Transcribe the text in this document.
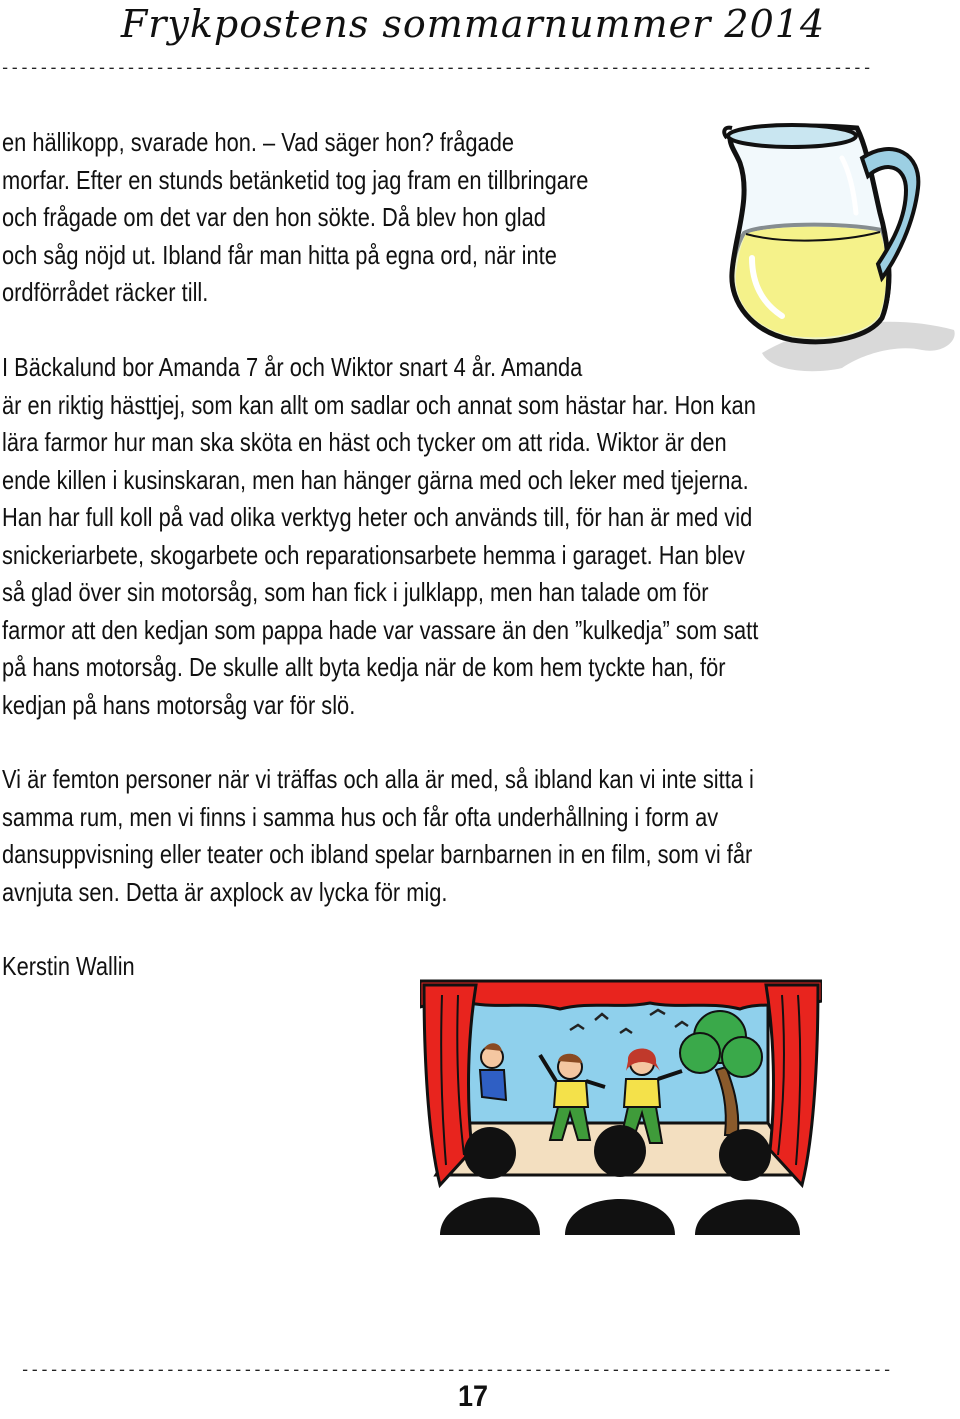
Frykpostens sommarnummer 2014
------------------------------------------------------------------------------------------
en hällikopp, svarade hon. – Vad säger hon? frågade
morfar. Efter en stunds betänketid tog jag fram en tillbringare
och frågade om det var den hon sökte. Då blev hon glad
och såg nöjd ut. Ibland får man hitta på egna ord, när inte
ordförrådet räcker till.
I Bäckalund bor Amanda 7 år och Wiktor snart 4 år. Amanda
är en riktig hästtjej, som kan allt om sadlar och annat som hästar har. Hon kan
lära farmor hur man ska sköta en häst och tycker om att rida. Wiktor är den
ende killen i kusinskaran, men han hänger gärna med och leker med tjejerna.
Han har full koll på vad olika verktyg heter och används till, för han är med vid
snickeriarbete, skogarbete och reparationsarbete hemma i garaget. Han blev
så glad över sin motorsåg, som han fick i julklapp, men han talade om för
farmor att den kedjan som pappa hade var vassare än den ”kulkedja” som satt
på hans motorsåg. De skulle allt byta kedja när de kom hem tyckte han, för
kedjan på hans motorsåg var för slö.
Vi är femton personer när vi träffas och alla är med, så ibland kan vi inte sitta i
samma rum, men vi finns i samma hus och får ofta underhållning i form av
dansuppvisning eller teater och ibland spelar barnbarnen in en film, som vi får
avnjuta sen. Detta är axplock av lycka för mig.
Kerstin Wallin
------------------------------------------------------------------------------------------
17
